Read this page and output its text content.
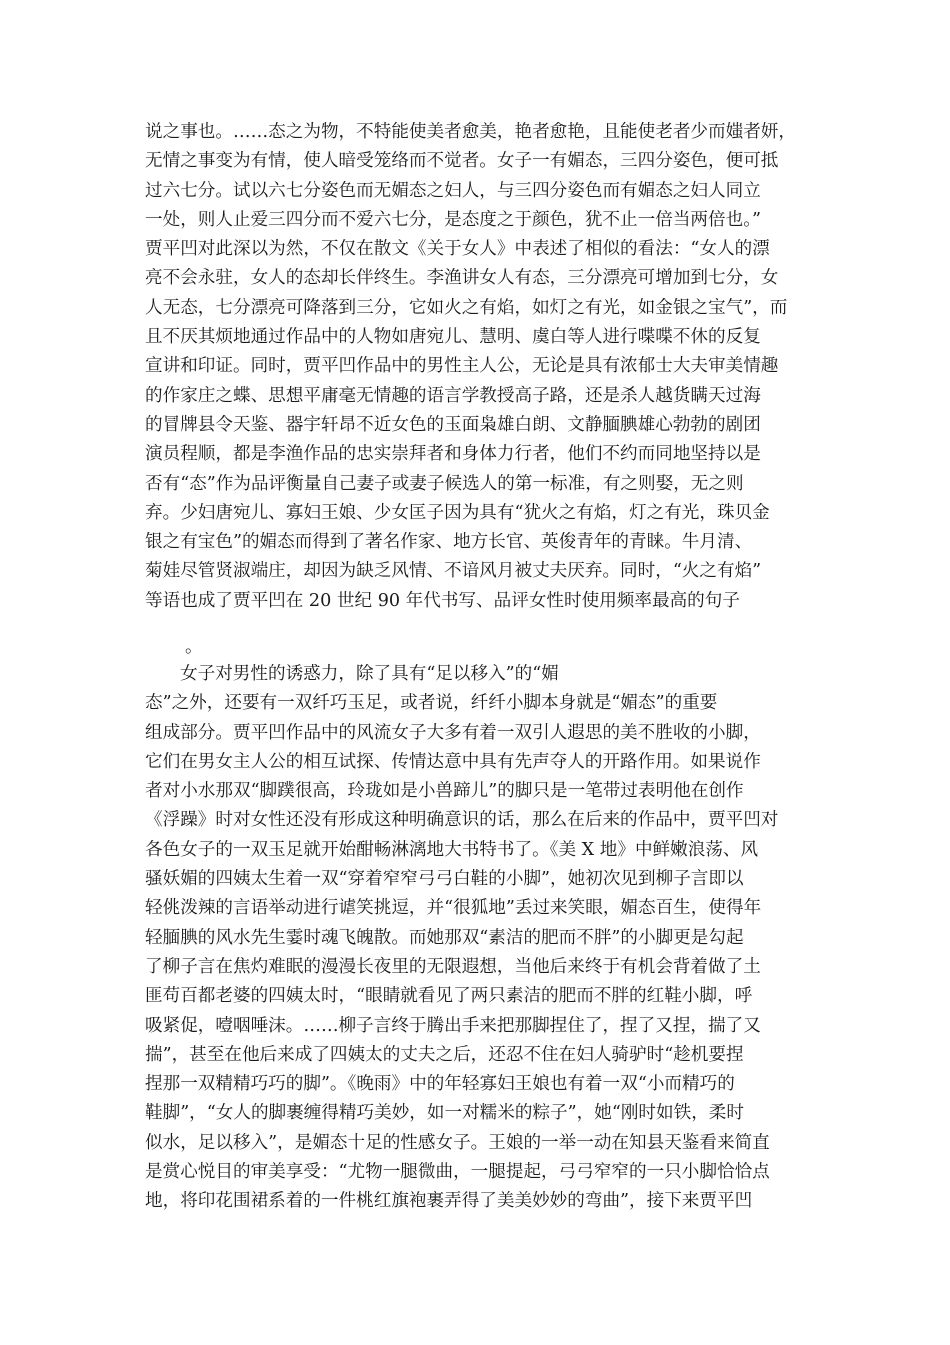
说之事也。……态之为物，不特能使美者愈美，艳者愈艳，且能使老者少而媸者妍，
无情之事变为有情，使人暗受笼络而不觉者。女子一有媚态，三四分姿色，便可抵
过六七分。试以六七分姿色而无媚态之妇人，与三四分姿色而有媚态之妇人同立
一处，则人止爱三四分而不爱六七分，是态度之于颜色，犹不止一倍当两倍也。”
贾平凹对此深以为然，不仅在散文《关于女人》中表述了相似的看法：“女人的漂
亮不会永驻，女人的态却长伴终生。李渔讲女人有态，三分漂亮可增加到七分，女
人无态，七分漂亮可降落到三分，它如火之有焰，如灯之有光，如金银之宝气”，而
且不厌其烦地通过作品中的人物如唐宛儿、慧明、虞白等人进行喋喋不休的反复
宣讲和印证。同时，贾平凹作品中的男性主人公，无论是具有浓郁士大夫审美情趣
的作家庄之蝶、思想平庸毫无情趣的语言学教授高子路，还是杀人越货瞒天过海
的冒牌县令天鉴、器宇轩昂不近女色的玉面枭雄白朗、文静腼腆雄心勃勃的剧团
演员程顺，都是李渔作品的忠实崇拜者和身体力行者，他们不约而同地坚持以是
否有“态”作为品评衡量自己妻子或妻子候选人的第一标准，有之则娶，无之则
弃。少妇唐宛儿、寡妇王娘、少女匡子因为具有“犹火之有焰，灯之有光，珠贝金
银之有宝色”的媚态而得到了著名作家、地方长官、英俊青年的青睐。牛月清、
菊娃尽管贤淑端庄，却因为缺乏风情、不谙风月被丈夫厌弃。同时，“火之有焰”
等语也成了贾平凹在 20 世纪 90 年代书写、品评女性时使用频率最高的句子
。
女子对男性的诱惑力，除了具有“足以移入”的“媚
态”之外，还要有一双纤巧玉足，或者说，纤纤小脚本身就是“媚态”的重要
组成部分。贾平凹作品中的风流女子大多有着一双引人遐思的美不胜收的小脚，
它们在男女主人公的相互试探、传情达意中具有先声夺人的开路作用。如果说作
者对小水那双“脚蹼很高，玲珑如是小兽蹄儿”的脚只是一笔带过表明他在创作
《浮躁》时对女性还没有形成这种明确意识的话，那么在后来的作品中，贾平凹对
各色女子的一双玉足就开始酣畅淋漓地大书特书了。《美 X 地》中鲜嫩浪荡、风
骚妖媚的四姨太生着一双“穿着窄窄弓弓白鞋的小脚”，她初次见到柳子言即以
轻佻泼辣的言语举动进行谑笑挑逗，并“很狐地”丢过来笑眼，媚态百生，使得年
轻腼腆的风水先生霎时魂飞魄散。而她那双“素洁的肥而不胖”的小脚更是勾起
了柳子言在焦灼难眠的漫漫长夜里的无限遐想，当他后来终于有机会背着做了土
匪苟百都老婆的四姨太时，“眼睛就看见了两只素洁的肥而不胖的红鞋小脚，呼
吸紧促，噎咽唾沫。……柳子言终于腾出手来把那脚捏住了，捏了又捏，揣了又
揣”，甚至在他后来成了四姨太的丈夫之后，还忍不住在妇人骑驴时“趁机要捏
捏那一双精精巧巧的脚”。《晚雨》中的年轻寡妇王娘也有着一双“小而精巧的
鞋脚”，“女人的脚裹缠得精巧美妙，如一对糯米的粽子”，她“刚时如铁，柔时
似水，足以移入”，是媚态十足的性感女子。王娘的一举一动在知县天鉴看来简直
是赏心悦目的审美享受：“尤物一腿微曲，一腿提起，弓弓窄窄的一只小脚恰恰点
地，将印花围裙系着的一件桃红旗袍裹弄得了美美妙妙的弯曲”，接下来贾平凹
